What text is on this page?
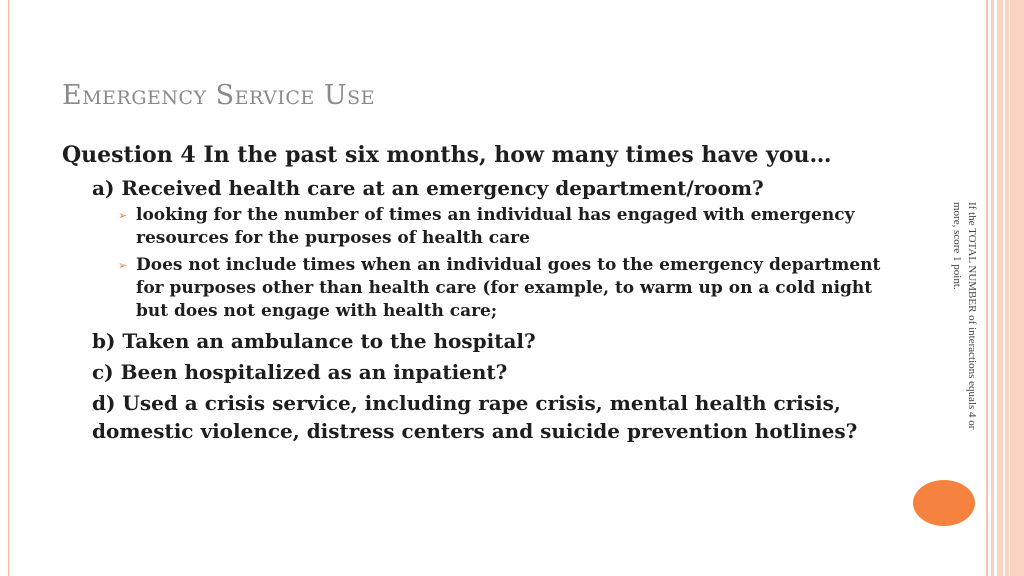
Emergency Service Use

Question 4 In the past six months, how many times have you…

a) Received health care at an emergency department/room?

➢ looking for the number of times an individual has engaged with emergency resources for the purposes of health care
➢ Does not include times when an individual goes to the emergency department for purposes other than health care (for example, to warm up on a cold night but does not engage with health care;

b) Taken an ambulance to the hospital?

c) Been hospitalized as an inpatient?

d) Used a crisis service, including rape crisis, mental health crisis, domestic violence, distress centers and suicide prevention hotlines?

If the TOTAL NUMBER of interactions equals 4 or more, score 1 point.
